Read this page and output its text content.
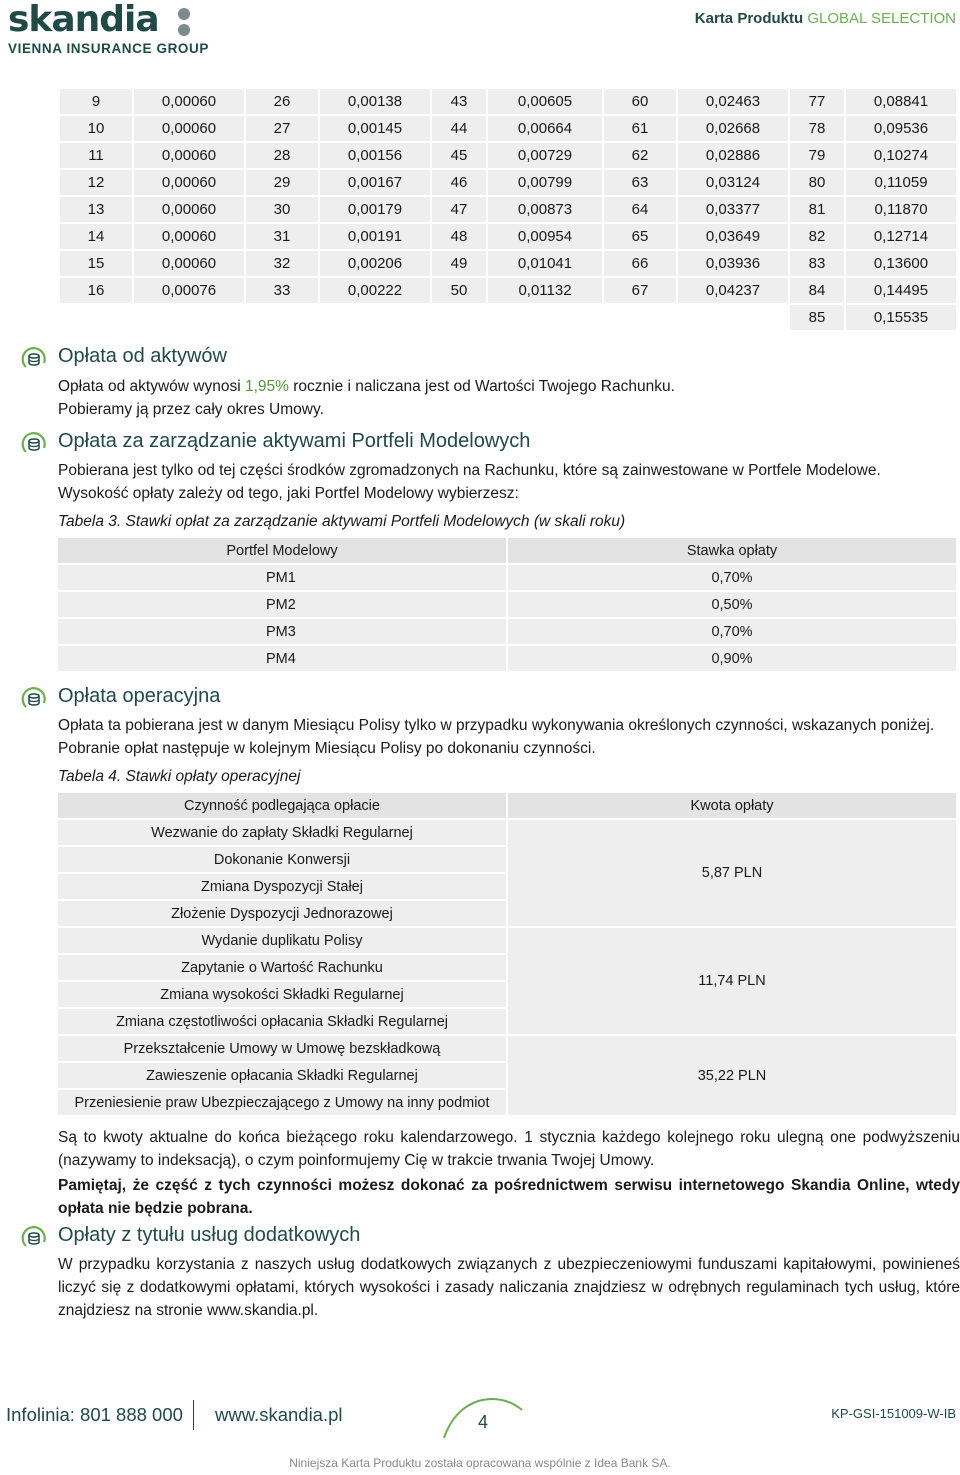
skandia
VIENNA INSURANCE GROUP
Karta Produktu GLOBAL SELECTION
9	0,00060	26	0,00138	43	0,00605	60	0,02463	77	0,08841
10	0,00060	27	0,00145	44	0,00664	61	0,02668	78	0,09536
11	0,00060	28	0,00156	45	0,00729	62	0,02886	79	0,10274
12	0,00060	29	0,00167	46	0,00799	63	0,03124	80	0,11059
13	0,00060	30	0,00179	47	0,00873	64	0,03377	81	0,11870
14	0,00060	31	0,00191	48	0,00954	65	0,03649	82	0,12714
15	0,00060	32	0,00206	49	0,01041	66	0,03936	83	0,13600
16	0,00076	33	0,00222	50	0,01132	67	0,04237	84	0,14495
								85	0,15535
Opłata od aktywów
Opłata od aktywów wynosi 1,95% rocznie i naliczana jest od Wartości Twojego Rachunku.
Pobieramy ją przez cały okres Umowy.
Opłata za zarządzanie aktywami Portfeli Modelowych
Pobierana jest tylko od tej części środków zgromadzonych na Rachunku, które są zainwestowane w Portfele Modelowe.
Wysokość opłaty zależy od tego, jaki Portfel Modelowy wybierzesz:
Tabela 3. Stawki opłat za zarządzanie aktywami Portfeli Modelowych (w skali roku)
Portfel Modelowy	Stawka opłaty
PM1	0,70%
PM2	0,50%
PM3	0,70%
PM4	0,90%
Opłata operacyjna
Opłata ta pobierana jest w danym Miesiącu Polisy tylko w przypadku wykonywania określonych czynności, wskazanych poniżej.
Pobranie opłat następuje w kolejnym Miesiącu Polisy po dokonaniu czynności.
Tabela 4. Stawki opłaty operacyjnej
Czynność podlegająca opłacie	Kwota opłaty
Wezwanie do zapłaty Składki Regularnej	5,87 PLN
Dokonanie Konwersji	
Zmiana Dyspozycji Stałej	
Złożenie Dyspozycji Jednorazowej	
Wydanie duplikatu Polisy	11,74 PLN
Zapytanie o Wartość Rachunku	
Zmiana wysokości Składki Regularnej	
Zmiana częstotliwości opłacania Składki Regularnej	
Przekształcenie Umowy w Umowę bezskładkową	35,22 PLN
Zawieszenie opłacania Składki Regularnej	
Przeniesienie praw Ubezpieczającego z Umowy na inny podmiot	
Są to kwoty aktualne do końca bieżącego roku kalendarzowego. 1 stycznia każdego kolejnego roku ulegną one podwyższeniu (nazywamy to indeksacją), o czym poinformujemy Cię w trakcie trwania Twojej Umowy.
Pamiętaj, że część z tych czynności możesz dokonać za pośrednictwem serwisu internetowego Skandia Online, wtedy opłata nie będzie pobrana.
Opłaty z tytułu usług dodatkowych
W przypadku korzystania z naszych usług dodatkowych związanych z ubezpieczeniowymi funduszami kapitałowymi, powinieneś liczyć się z dodatkowymi opłatami, których wysokości i zasady naliczania znajdziesz w odrębnych regulaminach tych usług, które znajdziesz na stronie www.skandia.pl.
Infolinia: 801 888 000 www.skandia.pl	4	KP-GSI-151009-W-IB
Niniejsza Karta Produktu została opracowana wspólnie z Idea Bank SA.
